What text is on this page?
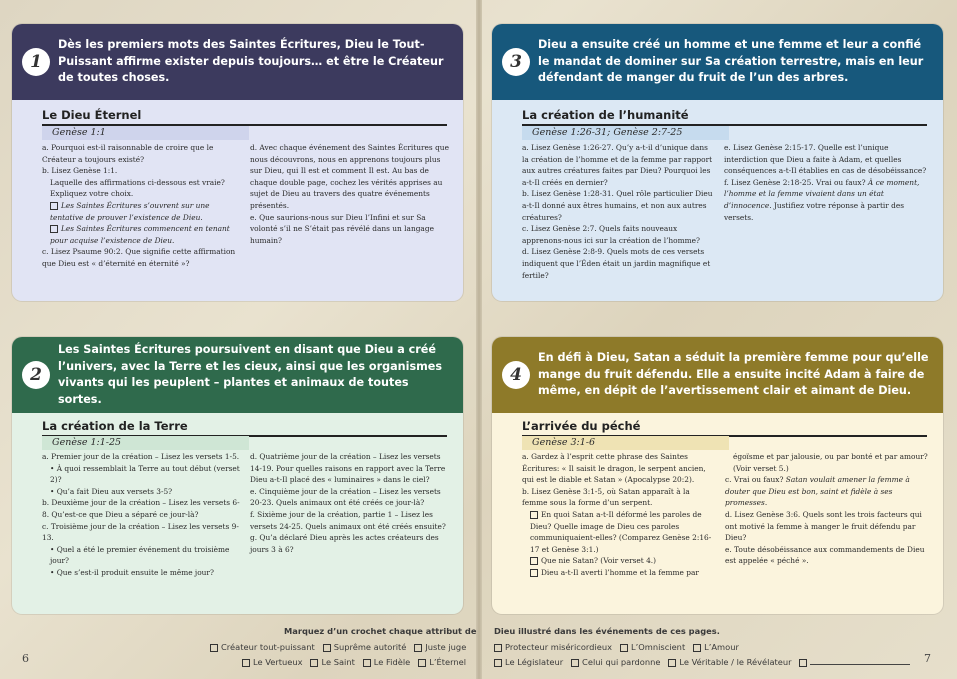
1
Dès les premiers mots des Saintes Écritures, Dieu le Tout-Puissant affirme exister depuis toujours… et être le Créateur de toutes choses.
Le Dieu Éternel
Genèse 1:1

a. Pourquoi est-il raisonnable de croire que le Créateur a toujours existé?

b. Lisez Genèse 1:1.

Laquelle des affirmations ci-dessous est vraie? Expliquez votre choix.

Les Saintes Écritures s’ouvrent sur une tentative de prouver l’existence de Dieu.

Les Saintes Écritures commencent en tenant pour acquise l’existence de Dieu.

c. Lisez Psaume 90:2. Que signifie cette affirmation que Dieu est « d’éternité en éternité »?

d. Avec chaque événement des Saintes Écritures que nous découvrons, nous en apprenons toujours plus sur Dieu, qui Il est et comment Il est. Au bas de chaque double page, cochez les vérités apprises au sujet de Dieu au travers des quatre événements présentés.

e. Que saurions-nous sur Dieu l’Infini et sur Sa volonté s’il ne S’était pas révélé dans un langage humain?

3
Dieu a ensuite créé un homme et une femme et leur a confié le mandat de dominer sur Sa création terrestre, mais en leur défendant de manger du fruit de l’un des arbres.
La création de l’humanité
Genèse 1:26-31; Genèse 2:7-25

a. Lisez Genèse 1:26-27. Qu’y a-t-il d’unique dans la création de l’homme et de la femme par rapport aux autres créatures faites par Dieu? Pourquoi les a-t-Il créés en dernier?

b. Lisez Genèse 1:28-31. Quel rôle particulier Dieu a-t-Il donné aux êtres humains, et non aux autres créatures?

c. Lisez Genèse 2:7. Quels faits nouveaux apprenons-nous ici sur la création de l’homme?

d. Lisez Genèse 2:8-9. Quels mots de ces versets indiquent que l’Éden était un jardin magnifique et fertile?

e. Lisez Genèse 2:15-17. Quelle est l’unique interdiction que Dieu a faite à Adam, et quelles conséquences a-t-Il établies en cas de désobéissance?

f. Lisez Genèse 2:18-25. Vrai ou faux? À ce moment, l’homme et la femme vivaient dans un état d’innocence. Justifiez votre réponse à partir des versets.

2
Les Saintes Écritures poursuivent en disant que Dieu a créé l’univers, avec la Terre et les cieux, ainsi que les organismes vivants qui les peuplent – plantes et animaux de toutes sortes.
La création de la Terre
Genèse 1:1-25

a. Premier jour de la création – Lisez les versets 1-5.

• À quoi ressemblait la Terre au tout début (verset 2)?

• Qu’a fait Dieu aux versets 3-5?

b. Deuxième jour de la création – Lisez les versets 6-8. Qu’est-ce que Dieu a séparé ce jour-là?

c. Troisième jour de la création – Lisez les versets 9-13.

• Quel a été le premier événement du troisième jour?

• Que s’est-il produit ensuite le même jour?

d. Quatrième jour de la création – Lisez les versets 14-19. Pour quelles raisons en rapport avec la Terre Dieu a-t-Il placé des « luminaires » dans le ciel?

e. Cinquième jour de la création – Lisez les versets 20-23. Quels animaux ont été créés ce jour-là?

f. Sixième jour de la création, partie 1 – Lisez les versets 24-25. Quels animaux ont été créés ensuite?

g. Qu’a déclaré Dieu après les actes créateurs des jours 3 à 6?

4
En défi à Dieu, Satan a séduit la première femme pour qu’elle mange du fruit défendu. Elle a ensuite incité Adam à faire de même, en dépit de l’avertissement clair et aimant de Dieu.
L’arrivée du péché
Genèse 3:1-6

a. Gardez à l’esprit cette phrase des Saintes Écritures: « Il saisit le dragon, le serpent ancien, qui est le diable et Satan » (Apocalypse 20:2).

b. Lisez Genèse 3:1-5, où Satan apparaît à la femme sous la forme d’un serpent.

En quoi Satan a-t-Il déformé les paroles de Dieu? Quelle image de Dieu ces paroles communiquaient-elles? (Comparez Genèse 2:16-17 et Genèse 3:1.)

Que nie Satan? (Voir verset 4.)

Dieu a-t-Il averti l’homme et la femme par

égoïsme et par jalousie, ou par bonté et par amour? (Voir verset 5.)

c. Vrai ou faux? Satan voulait amener la femme à douter que Dieu est bon, saint et fidèle à ses promesses.

d. Lisez Genèse 3:6. Quels sont les trois facteurs qui ont motivé la femme à manger le fruit défendu par Dieu?

e. Toute désobéissance aux commandements de Dieu est appelée « péché ».

Marquez d’un crochet chaque attribut de Dieu illustré dans les événements de ces pages.
Créateur tout-puissant Suprême autorité Juste juge
Le Vertueux Le Saint Le Fidèle L’Éternel
Protecteur miséricordieux L’Omniscient L’Amour
Le Législateur Celui qui pardonne Le Véritable / le Révélateur
6	7
